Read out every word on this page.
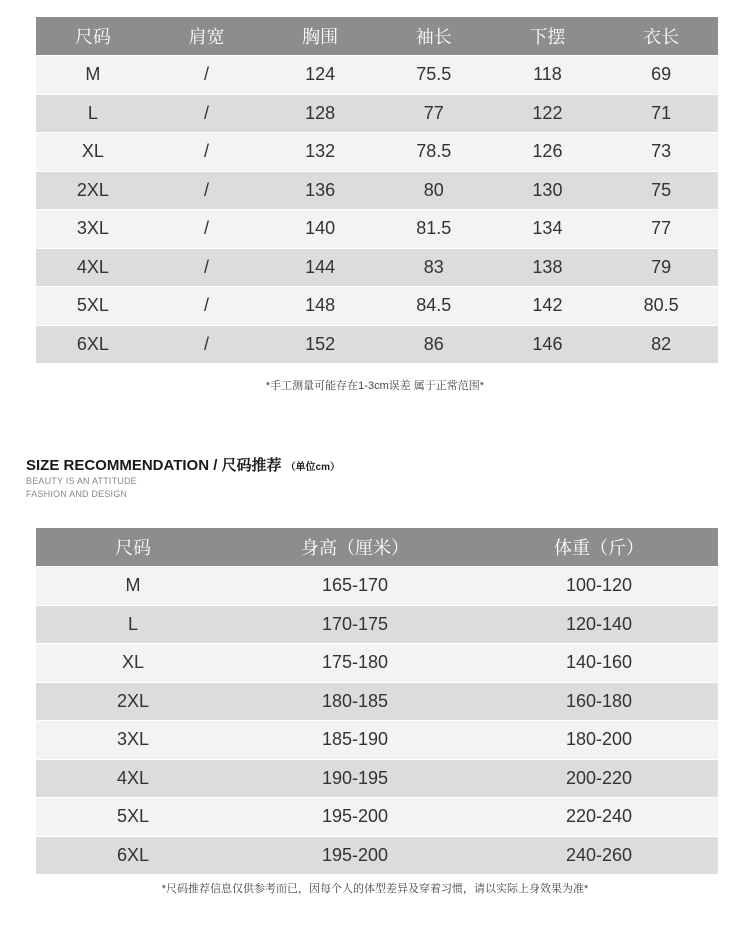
尺码	肩宽	胸围	袖长	下摆	衣长
M	/	124	75.5	118	69
L	/	128	77	122	71
XL	/	132	78.5	126	73
2XL	/	136	80	130	75
3XL	/	140	81.5	134	77
4XL	/	144	83	138	79
5XL	/	148	84.5	142	80.5
6XL	/	152	86	146	82
*手工测量可能存在1-3cm误差 属于正常范围*
SIZE RECOMMENDATION / 尺码推荐 （单位cm）
BEAUTY IS AN ATTITUDE
FASHION AND DESIGN
尺码	身高（厘米）	体重（斤）
M	165-170	100-120
L	170-175	120-140
XL	175-180	140-160
2XL	180-185	160-180
3XL	185-190	180-200
4XL	190-195	200-220
5XL	195-200	220-240
6XL	195-200	240-260
*尺码推荐信息仅供参考而已，因每个人的体型差异及穿着习惯，请以实际上身效果为准*
